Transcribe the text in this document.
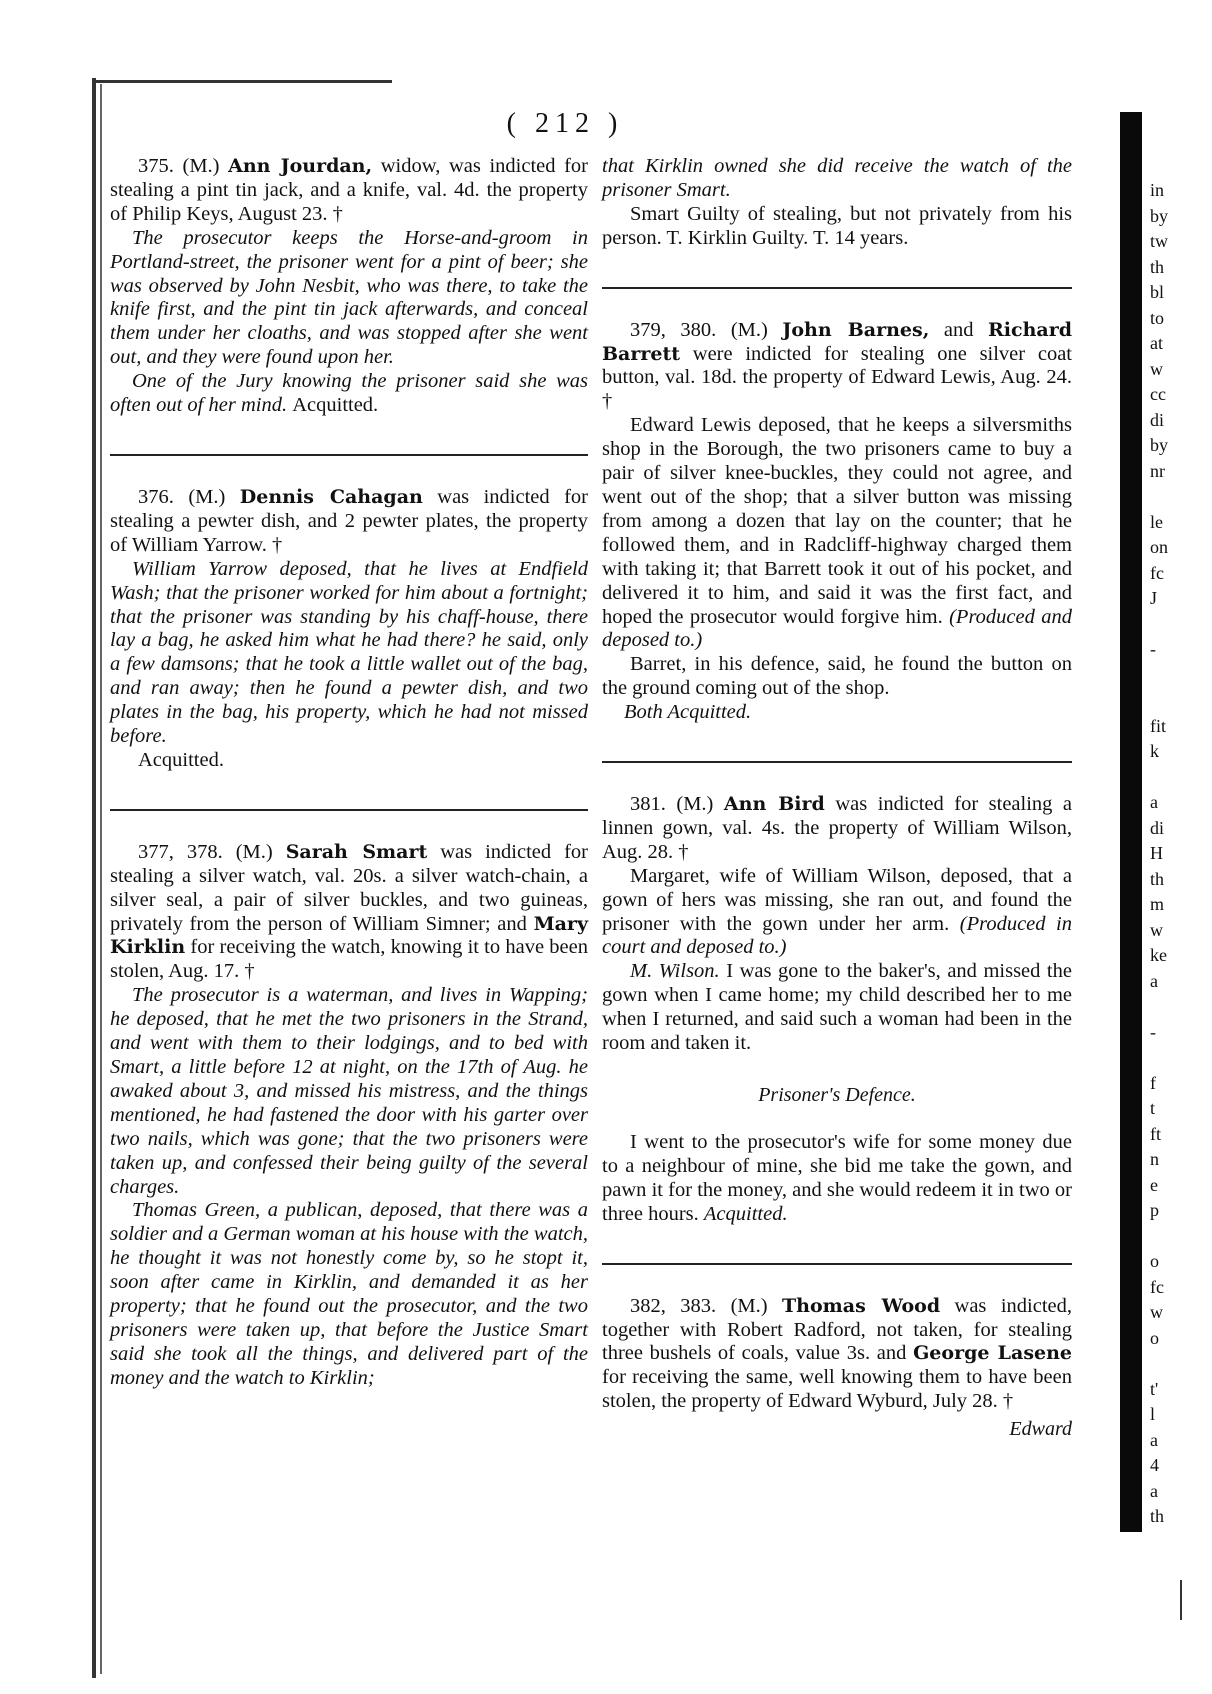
( 212 )

375. (M.) Ann Jourdan, widow, was indicted for stealing a pint tin jack, and a knife, val. 4d. the property of Philip Keys, August 23. †

The prosecutor keeps the Horse-and-groom in Portland-street, the prisoner went for a pint of beer; she was observed by John Nesbit, who was there, to take the knife first, and the pint tin jack afterwards, and conceal them under her cloaths, and was stopped after she went out, and they were found upon her.

One of the Jury knowing the prisoner said she was often out of her mind. Acquitted.

376. (M.) Dennis Cahagan was indicted for stealing a pewter dish, and 2 pewter plates, the property of William Yarrow. †

William Yarrow deposed, that he lives at Endfield Wash; that the prisoner worked for him about a fortnight; that the prisoner was standing by his chaff-house, there lay a bag, he asked him what he had there? he said, only a few damsons; that he took a little wallet out of the bag, and ran away; then he found a pewter dish, and two plates in the bag, his property, which he had not missed before.

Acquitted.

377, 378. (M.) Sarah Smart was indicted for stealing a silver watch, val. 20s. a silver watch-chain, a silver seal, a pair of silver buckles, and two guineas, privately from the person of William Simner; and Mary Kirklin for receiving the watch, knowing it to have been stolen, Aug. 17. †

The prosecutor is a waterman, and lives in Wapping; he deposed, that he met the two prisoners in the Strand, and went with them to their lodgings, and to bed with Smart, a little before 12 at night, on the 17th of Aug. he awaked about 3, and missed his mistress, and the things mentioned, he had fastened the door with his garter over two nails, which was gone; that the two prisoners were taken up, and confessed their being guilty of the several charges.

Thomas Green, a publican, deposed, that there was a soldier and a German woman at his house with the watch, he thought it was not honestly come by, so he stopt it, soon after came in Kirklin, and demanded it as her property; that he found out the prosecutor, and the two prisoners were taken up, that before the Justice Smart said she took all the things, and delivered part of the money and the watch to Kirklin;

that Kirklin owned she did receive the watch of the prisoner Smart.

Smart Guilty of stealing, but not privately from his person. T. Kirklin Guilty. T. 14 years.

379, 380. (M.) John Barnes, and Richard Barrett were indicted for stealing one silver coat button, val. 18d. the property of Edward Lewis, Aug. 24. †

Edward Lewis deposed, that he keeps a silversmiths shop in the Borough, the two prisoners came to buy a pair of silver knee-buckles, they could not agree, and went out of the shop; that a silver button was missing from among a dozen that lay on the counter; that he followed them, and in Radcliff-highway charged them with taking it; that Barrett took it out of his pocket, and delivered it to him, and said it was the first fact, and hoped the prosecutor would forgive him. (Produced and deposed to.)

Barret, in his defence, said, he found the button on the ground coming out of the shop.

Both Acquitted.

381. (M.) Ann Bird was indicted for stealing a linnen gown, val. 4s. the property of William Wilson, Aug. 28. †

Margaret, wife of William Wilson, deposed, that a gown of hers was missing, she ran out, and found the prisoner with the gown under her arm. (Produced in court and deposed to.)

M. Wilson. I was gone to the baker's, and missed the gown when I came home; my child described her to me when I returned, and said such a woman had been in the room and taken it.

Prisoner's Defence.

I went to the prosecutor's wife for some money due to a neighbour of mine, she bid me take the gown, and pawn it for the money, and she would redeem it in two or three hours. Acquitted.

382, 383. (M.) Thomas Wood was indicted, together with Robert Radford, not taken, for stealing three bushels of coals, value 3s. and George Lasene for receiving the same, well knowing them to have been stolen, the property of Edward Wyburd, July 28. †

Edward
in
by
tw
th
bl
to
at
w
cc
di
by
nr
le
on
fc
J
-
fit
k
a
di
H
th
m
w
ke
a
-
f
t
ft
n
e
p
o
fc
w
o
t'
l
a
4
a
th
